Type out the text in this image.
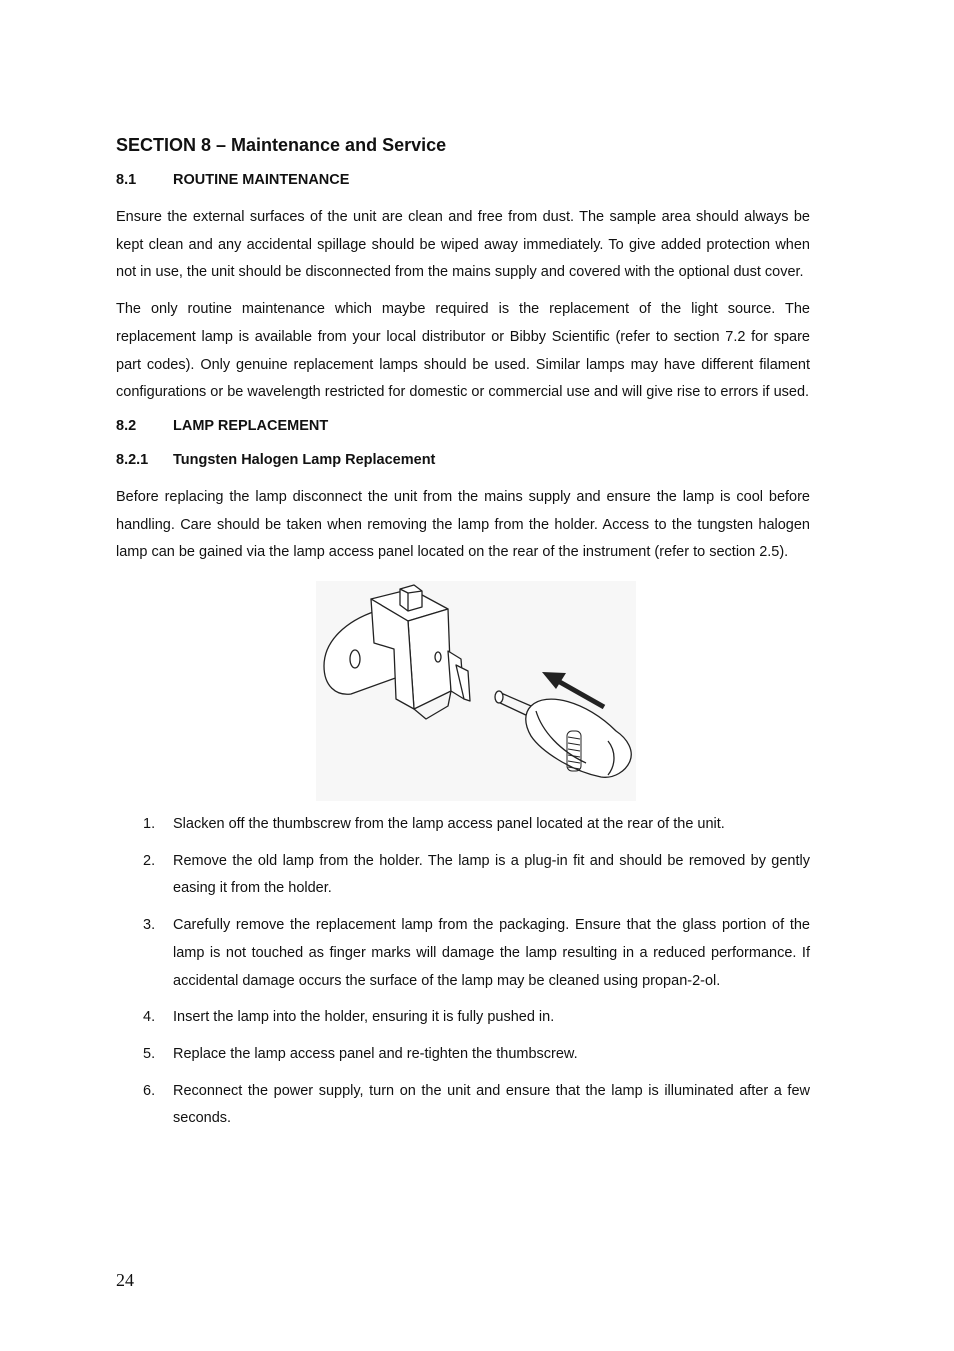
SECTION 8 – Maintenance and Service
8.1	ROUTINE MAINTENANCE

Ensure the external surfaces of the unit are clean and free from dust. The sample area should always be kept clean and any accidental spillage should be wiped away immediately. To give added protection when not in use, the unit should be disconnected from the mains supply and covered with the optional dust cover.

The only routine maintenance which maybe required is the replacement of the light source. The replacement lamp is available from your local distributor or Bibby Scientific (refer to section 7.2 for spare part codes). Only genuine replacement lamps should be used. Similar lamps may have different filament configurations or be wavelength restricted for domestic or commercial use and will give rise to errors if used.

8.2	LAMP REPLACEMENT
8.2.1	Tungsten Halogen Lamp Replacement

Before replacing the lamp disconnect the unit from the mains supply and ensure the lamp is cool before handling. Care should be taken when removing the lamp from the holder. Access to the tungsten halogen lamp can be gained via the lamp access panel located on the rear of the instrument (refer to section 2.5).

1.	Slacken off the thumbscrew from the lamp access panel located at the rear of the unit.
2.	Remove the old lamp from the holder. The lamp is a plug-in fit and should be removed by gently easing it from the holder.
3.	Carefully remove the replacement lamp from the packaging. Ensure that the glass portion of the lamp is not touched as finger marks will damage the lamp resulting in a reduced performance. If accidental damage occurs the surface of the lamp may be cleaned using propan-2-ol.
4.	Insert the lamp into the holder, ensuring it is fully pushed in.
5.	Replace the lamp access panel and re-tighten the thumbscrew.
6.	Reconnect the power supply, turn on the unit and ensure that the lamp is illuminated after a few seconds.
24
